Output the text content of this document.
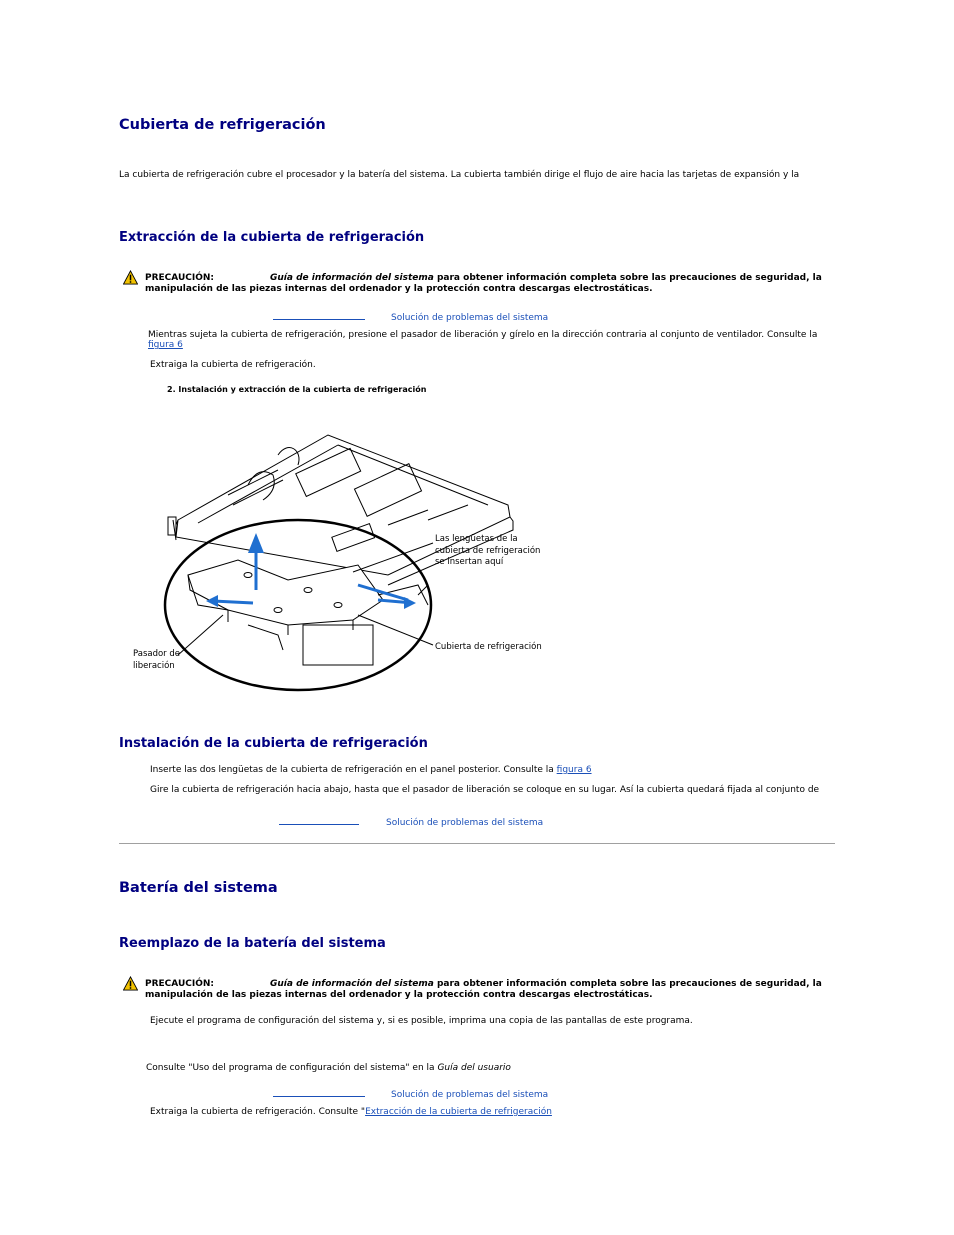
Cubierta de refrigeración
La cubierta de refrigeración cubre el procesador y la batería del sistema. La cubierta también dirige el flujo de aire hacia las tarjetas de expansión y la
Extracción de la cubierta de refrigeración
PRECAUCIÓN:	Guía de información del sistema para obtener información completa sobre las precauciones de seguridad, la
manipulación de las piezas internas del ordenador y la protección contra descargas electrostáticas.
Solución de problemas del sistema
Mientras sujeta la cubierta de refrigeración, presione el pasador de liberación y gírelo en la dirección contraria al conjunto de ventilador. Consulte la
figura 6
Extraiga la cubierta de refrigeración.
2. Instalación y extracción de la cubierta de refrigeración
Las lengüetas de la
cubierta de refrigeración
se insertan aquí
Cubierta de refrigeración
Pasador de
liberación
Instalación de la cubierta de refrigeración
Inserte las dos lengüetas de la cubierta de refrigeración en el panel posterior. Consulte la figura 6
Gire la cubierta de refrigeración hacia abajo, hasta que el pasador de liberación se coloque en su lugar. Así la cubierta quedará fijada al conjunto de
Solución de problemas del sistema
Batería del sistema
Reemplazo de la batería del sistema
PRECAUCIÓN:	Guía de información del sistema para obtener información completa sobre las precauciones de seguridad, la
manipulación de las piezas internas del ordenador y la protección contra descargas electrostáticas.
Ejecute el programa de configuración del sistema y, si es posible, imprima una copia de las pantallas de este programa.
Consulte "Uso del programa de configuración del sistema" en la Guía del usuario
Solución de problemas del sistema
Extraiga la cubierta de refrigeración. Consulte "Extracción de la cubierta de refrigeración
